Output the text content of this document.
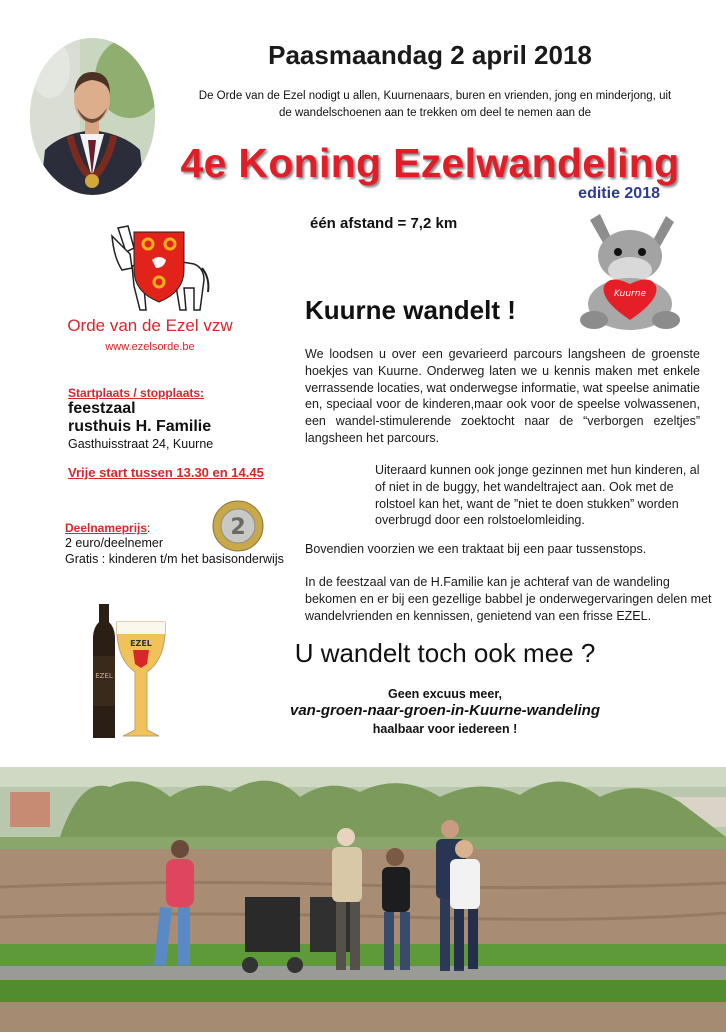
Paasmaandag 2 april 2018
De Orde van de Ezel nodigt u allen, Kuurnenaars, buren en vrienden, jong en minderjong, uit
de wandelschoenen aan te trekken om deel te nemen aan de
4e Koning Ezelwandeling
editie 2018
één afstand = 7,2 km
Orde van de Ezel vzw
www.ezelsorde.be
Kuurne
Kuurne wandelt !
We loodsen u over een gevarieerd parcours langsheen de groenste hoekjes van Kuurne. Onderweg laten we u kennis maken met enkele verrassende locaties, wat onderwegse informatie, wat speelse animatie en, speciaal voor de kinderen,maar ook voor de speelse volwassenen, een wandel-stimulerende zoektocht naar de “verborgen ezeltjes” langsheen het parcours.
Uiteraard kunnen ook jonge gezinnen met hun kinderen, al of niet in de buggy, het wandeltraject aan. Ook met de rolstoel kan het, want de ”niet te doen stukken” worden overbrugd door een rolstoelomleiding.
Bovendien voorzien we een traktaat bij een paar tussenstops.
In de feestzaal van de H.Familie kan je achteraf van de wandeling bekomen en er bij een gezellige babbel je onderwegervaringen delen met wandelvrienden en kennissen, genietend van een frisse EZEL.
Startplaats / stopplaats:
feestzaal
rusthuis H. Familie
Gasthuisstraat 24, Kuurne
Vrije start tussen 13.30 en 14.45
Deelnameprijs:
2 euro/deelnemer
Gratis : kinderen t/m het basisonderwijs
2
EZEL
EZEL	U wandelt toch ook mee ?
Geen excuus meer,
van-groen-naar-groen-in-Kuurne-wandeling
haalbaar voor iedereen !
